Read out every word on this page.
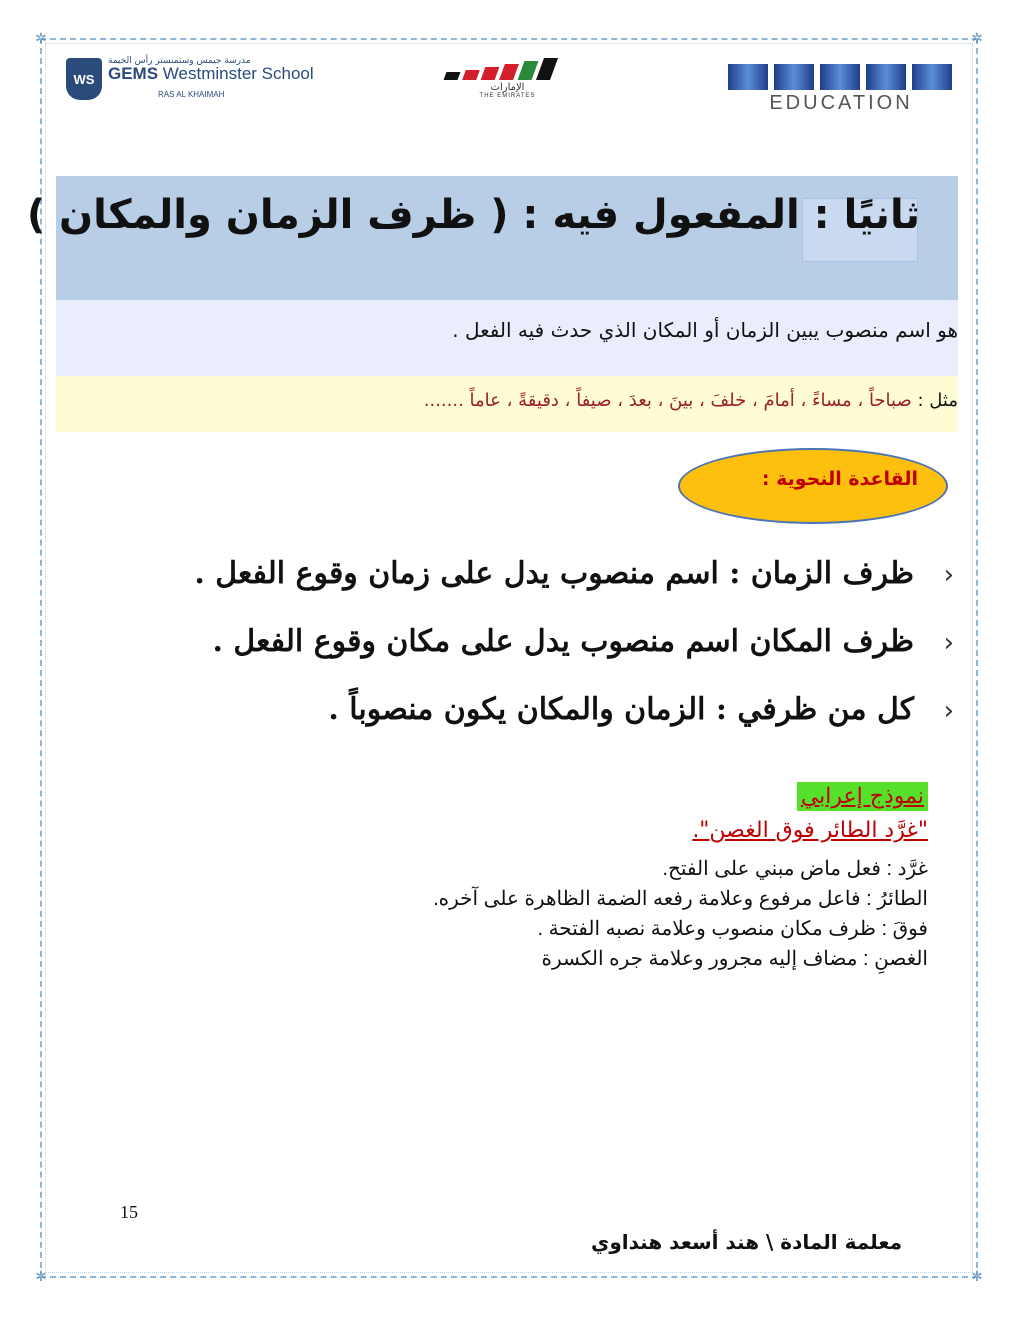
✲	✲
✲	✲
WS
مدرسة جيمس وستمنستر رأس الخيمة
GEMS Westminster School
RAS AL KHAIMAH
الإمارات
THE EMIRATES	EDUCATION
ثانيًا : المفعول فيه : ( ظرف الزمان والمكان )
هو اسم منصوب يبين الزمان أو المكان الذي حدث فيه الفعل .
مثل : صباحاً ، مساءً ، أمامَ ، خلفَ ، بينَ ، بعدَ ، صيفاً ، دقيقةً ، عاماً .......
القاعدة النحوية :
‹ظرف الزمان : اسم منصوب يدل على زمان وقوع الفعل .
‹ظرف المكان اسم منصوب يدل على مكان وقوع الفعل .
‹كل من ظرفي : الزمان والمكان يكون منصوباً .
نموذج إعرابي
"غرَّد الطائر فوق الغصن".
غرَّد : فعل ماض مبني على الفتح.
الطائرُ : فاعل مرفوع وعلامة رفعه الضمة الظاهرة على آخره.
فوقَ : ظرف مكان منصوب وعلامة نصبه الفتحة .
الغصنِ : مضاف إليه مجرور وعلامة جره الكسرة
15
معلمة المادة \ هند أسعد هنداوي
